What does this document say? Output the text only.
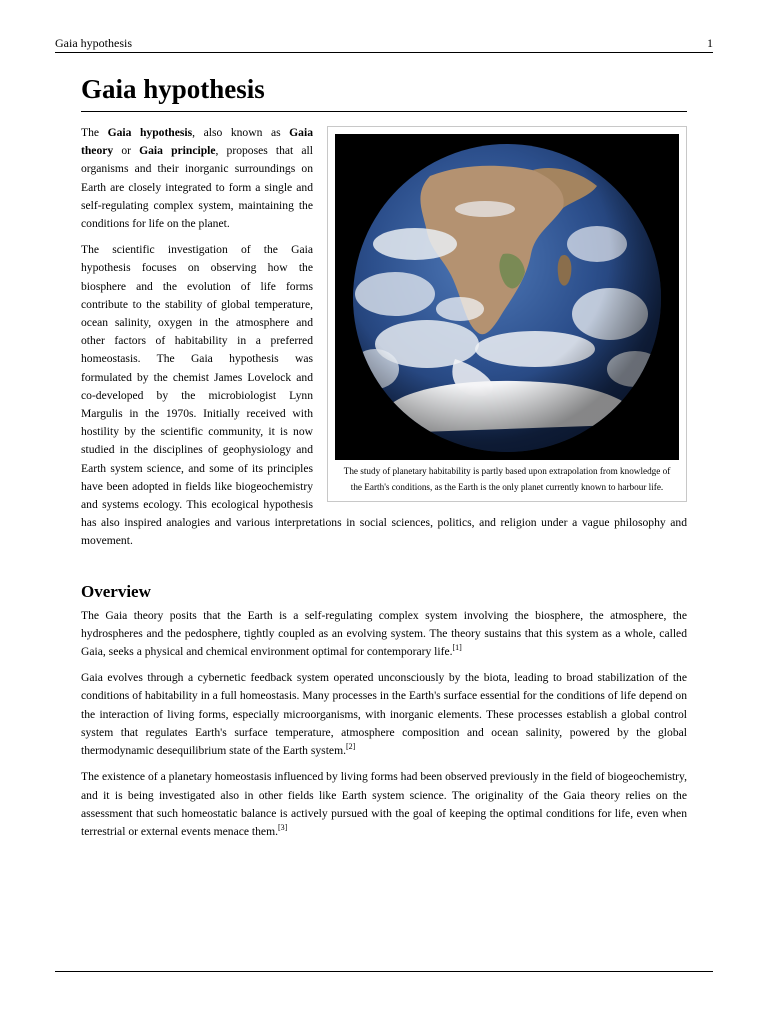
Gaia hypothesis	1
Gaia hypothesis
The study of planetary habitability is partly based upon extrapolation from knowledge of the Earth's conditions, as the Earth is the only planet currently known to harbour life.

The Gaia hypothesis, also known as Gaia theory or Gaia principle, proposes that all organisms and their inorganic surroundings on Earth are closely integrated to form a single and self-regulating complex system, maintaining the conditions for life on the planet.

The scientific investigation of the Gaia hypothesis focuses on observing how the biosphere and the evolution of life forms contribute to the stability of global temperature, ocean salinity, oxygen in the atmosphere and other factors of habitability in a preferred homeostasis. The Gaia hypothesis was formulated by the chemist James Lovelock and co-developed by the microbiologist Lynn Margulis in the 1970s. Initially received with hostility by the scientific community, it is now studied in the disciplines of geophysiology and Earth system science, and some of its principles have been adopted in fields like biogeochemistry and systems ecology. This ecological hypothesis has also inspired analogies and various interpretations in social sciences, politics, and religion under a vague philosophy and movement.

Overview

The Gaia theory posits that the Earth is a self-regulating complex system involving the biosphere, the atmosphere, the hydrospheres and the pedosphere, tightly coupled as an evolving system. The theory sustains that this system as a whole, called Gaia, seeks a physical and chemical environment optimal for contemporary life.[1]

Gaia evolves through a cybernetic feedback system operated unconsciously by the biota, leading to broad stabilization of the conditions of habitability in a full homeostasis. Many processes in the Earth's surface essential for the conditions of life depend on the interaction of living forms, especially microorganisms, with inorganic elements. These processes establish a global control system that regulates Earth's surface temperature, atmosphere composition and ocean salinity, powered by the global thermodynamic desequilibrium state of the Earth system.[2]

The existence of a planetary homeostasis influenced by living forms had been observed previously in the field of biogeochemistry, and it is being investigated also in other fields like Earth system science. The originality of the Gaia theory relies on the assessment that such homeostatic balance is actively pursued with the goal of keeping the optimal conditions for life, even when terrestrial or external events menace them.[3]
